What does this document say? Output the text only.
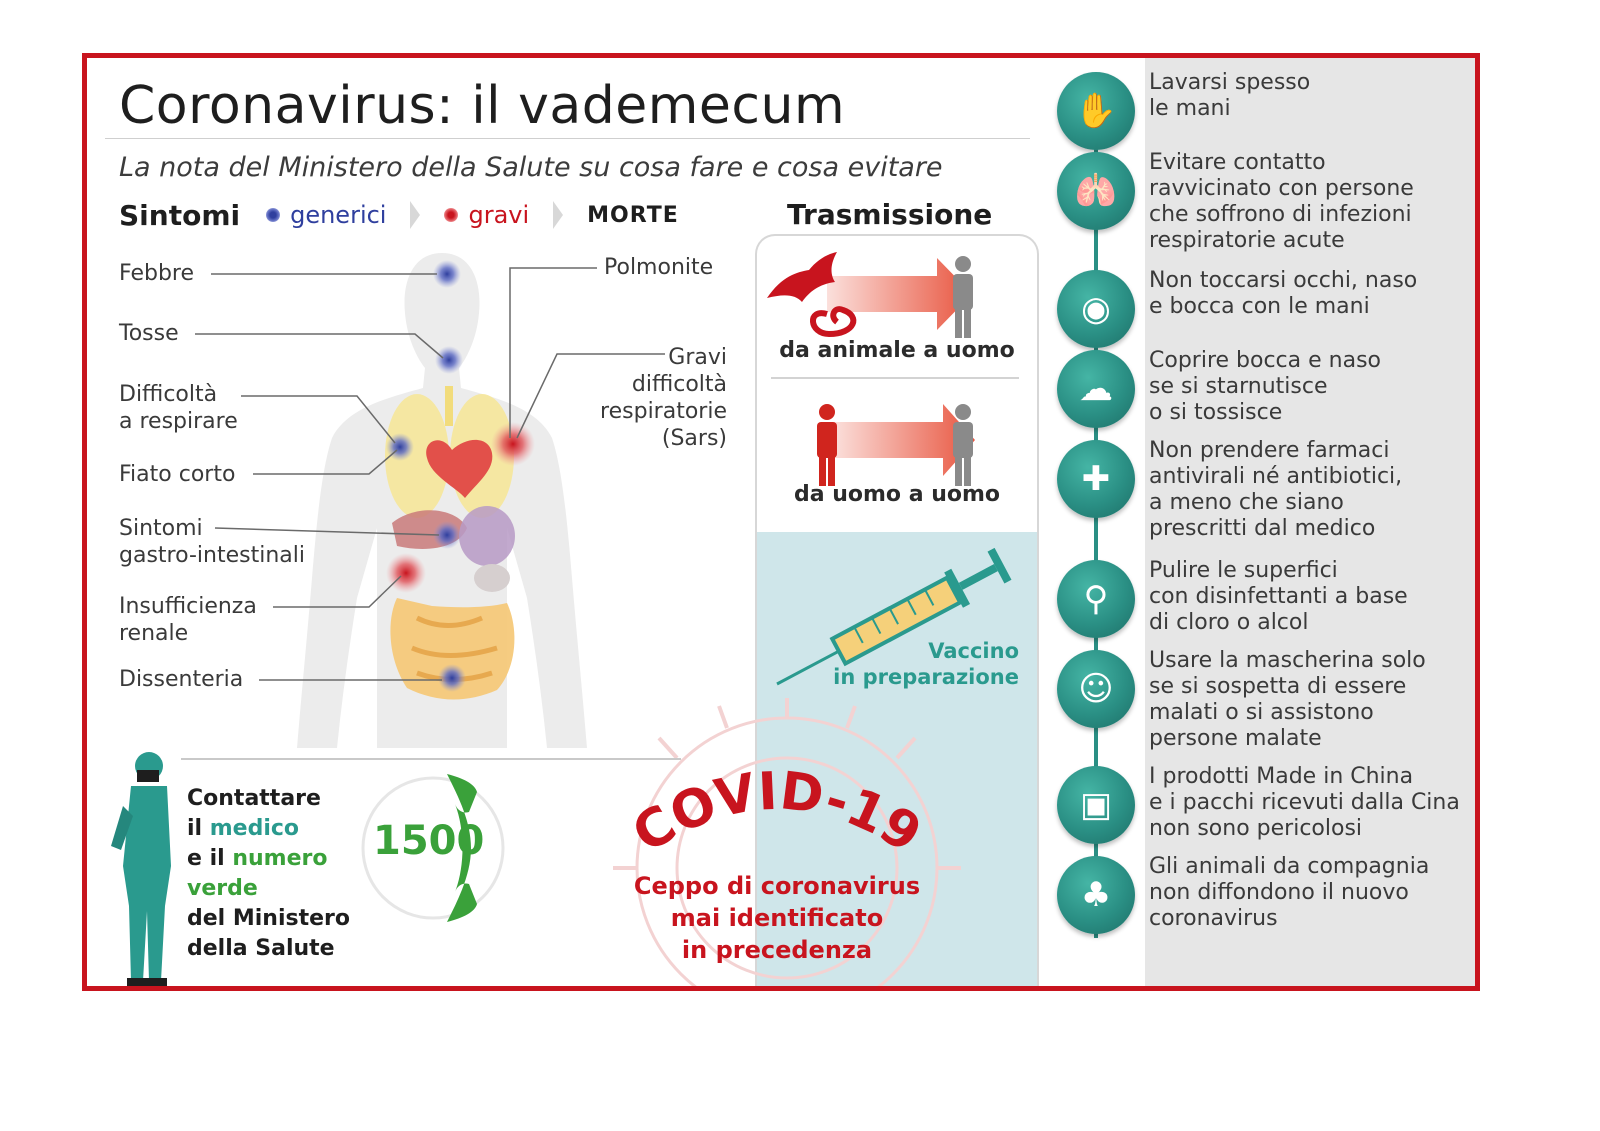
Coronavirus: il vademecum
La nota del Ministero della Salute su cosa fare e cosa evitare
Sintomi generici	gravi	MORTE	Trasmissione
Febbre
Tosse
Difficoltà
a respirare
Fiato corto
Sintomi
gastro-intestinali
Insufficienza
renale
Dissenteria
Polmonite
Gravi
difficoltà
respiratorie
(Sars)
da animale a uomo
da uomo a uomo
Vaccino
in preparazione
Contattare
il medico
e il numero
verde
del Ministero
della Salute
1500	COVID-19
Ceppo di coronavirus
mai identificato
in precedenza
✋
Lavarsi spesso
le mani
🫁
Evitare contatto
ravvicinato con persone
che soffrono di infezioni
respiratorie acute
◉
Non toccarsi occhi, naso
e bocca con le mani
☁
Coprire bocca e naso
se si starnutisce
o si tossisce
✚
Non prendere farmaci
antivirali né antibiotici,
a meno che siano
prescritti dal medico
⚲
Pulire le superfici
con disinfettanti a base
di cloro o alcol
☺
Usare la mascherina solo
se si sospetta di essere
malati o si assistono
persone malate
▣
I prodotti Made in China
e i pacchi ricevuti dalla Cina
non sono pericolosi
♣
Gli animali da compagnia
non diffondono il nuovo
coronavirus
